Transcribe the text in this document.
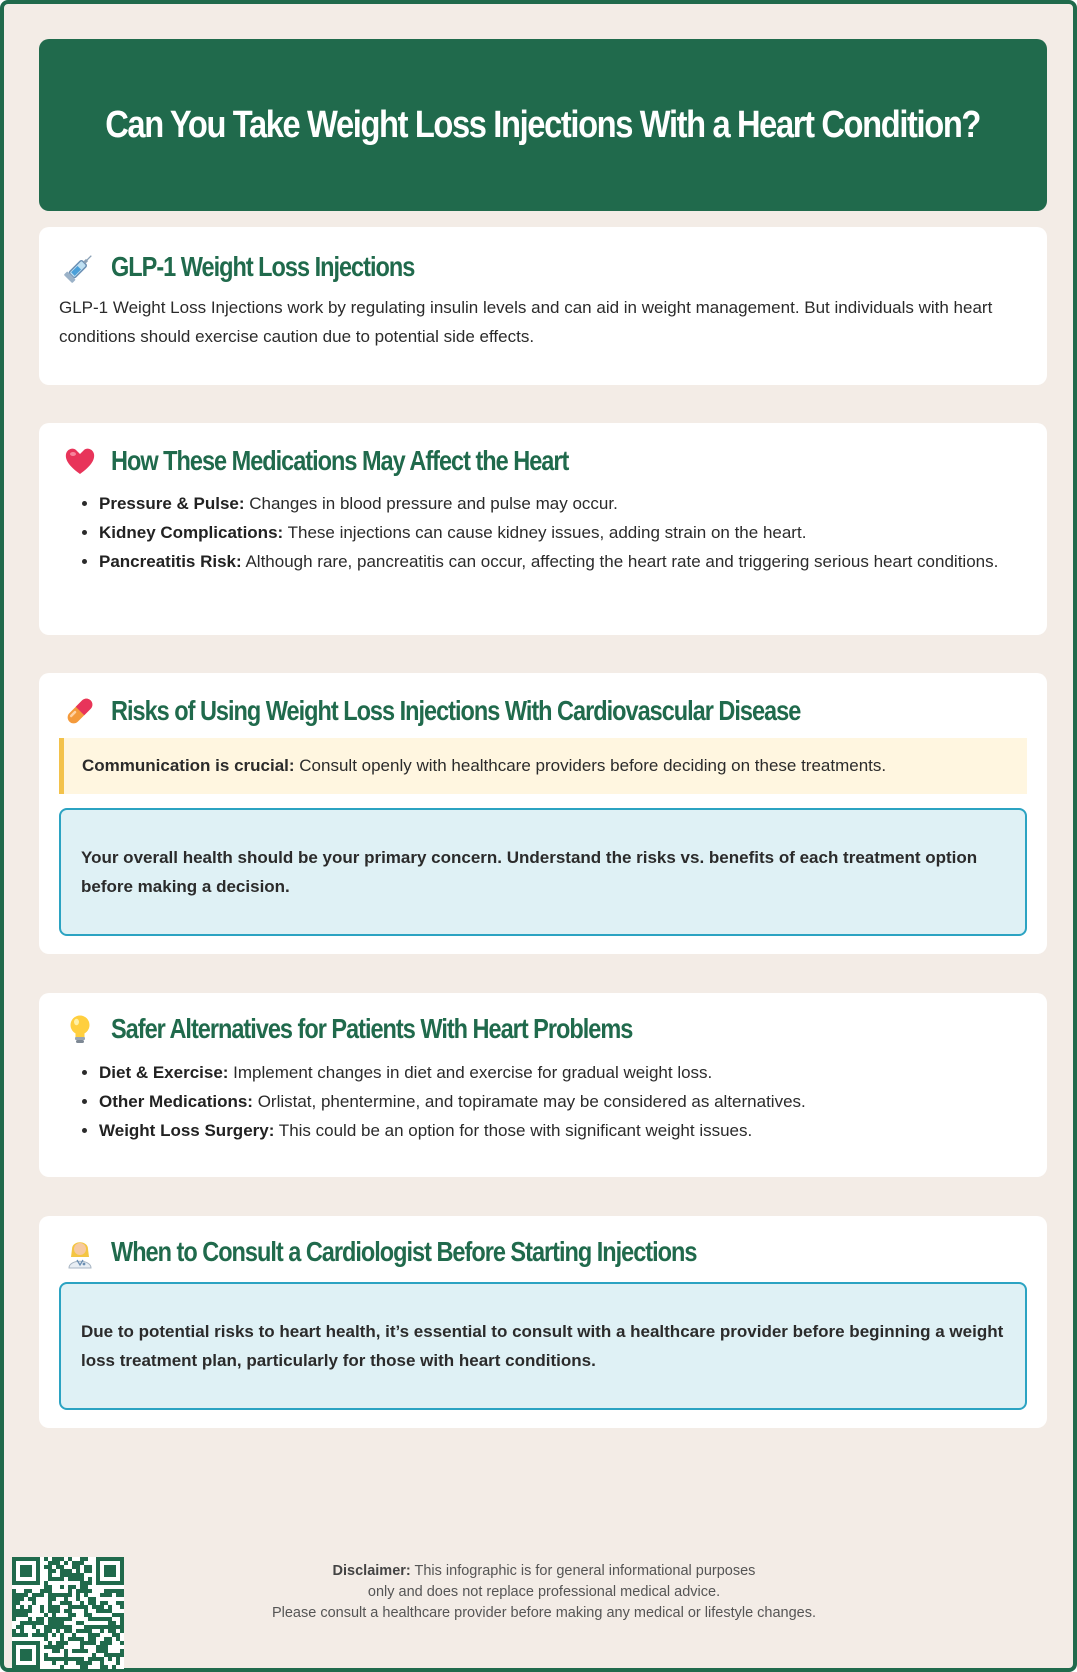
Can You Take Weight Loss Injections With a Heart Condition?
GLP-1 Weight Loss Injections
GLP-1 Weight Loss Injections work by regulating insulin levels and can aid in weight management. But individuals with heart conditions should exercise caution due to potential side effects.
How These Medications May Affect the Heart
• Pressure & Pulse: Changes in blood pressure and pulse may occur.
• Kidney Complications: These injections can cause kidney issues, adding strain on the heart.
• Pancreatitis Risk: Although rare, pancreatitis can occur, affecting the heart rate and triggering serious heart conditions.
Risks of Using Weight Loss Injections With Cardiovascular Disease
Communication is crucial: Consult openly with healthcare providers before deciding on these treatments.
Your overall health should be your primary concern. Understand the risks vs. benefits of each treatment option before making a decision.
Safer Alternatives for Patients With Heart Problems
• Diet & Exercise: Implement changes in diet and exercise for gradual weight loss.
• Other Medications: Orlistat, phentermine, and topiramate may be considered as alternatives.
• Weight Loss Surgery: This could be an option for those with significant weight issues.
When to Consult a Cardiologist Before Starting Injections
Due to potential risks to heart health, it’s essential to consult with a healthcare provider before beginning a weight loss treatment plan, particularly for those with heart conditions.
Disclaimer: This infographic is for general informational purposes
only and does not replace professional medical advice.
Please consult a healthcare provider before making any medical or lifestyle changes.
